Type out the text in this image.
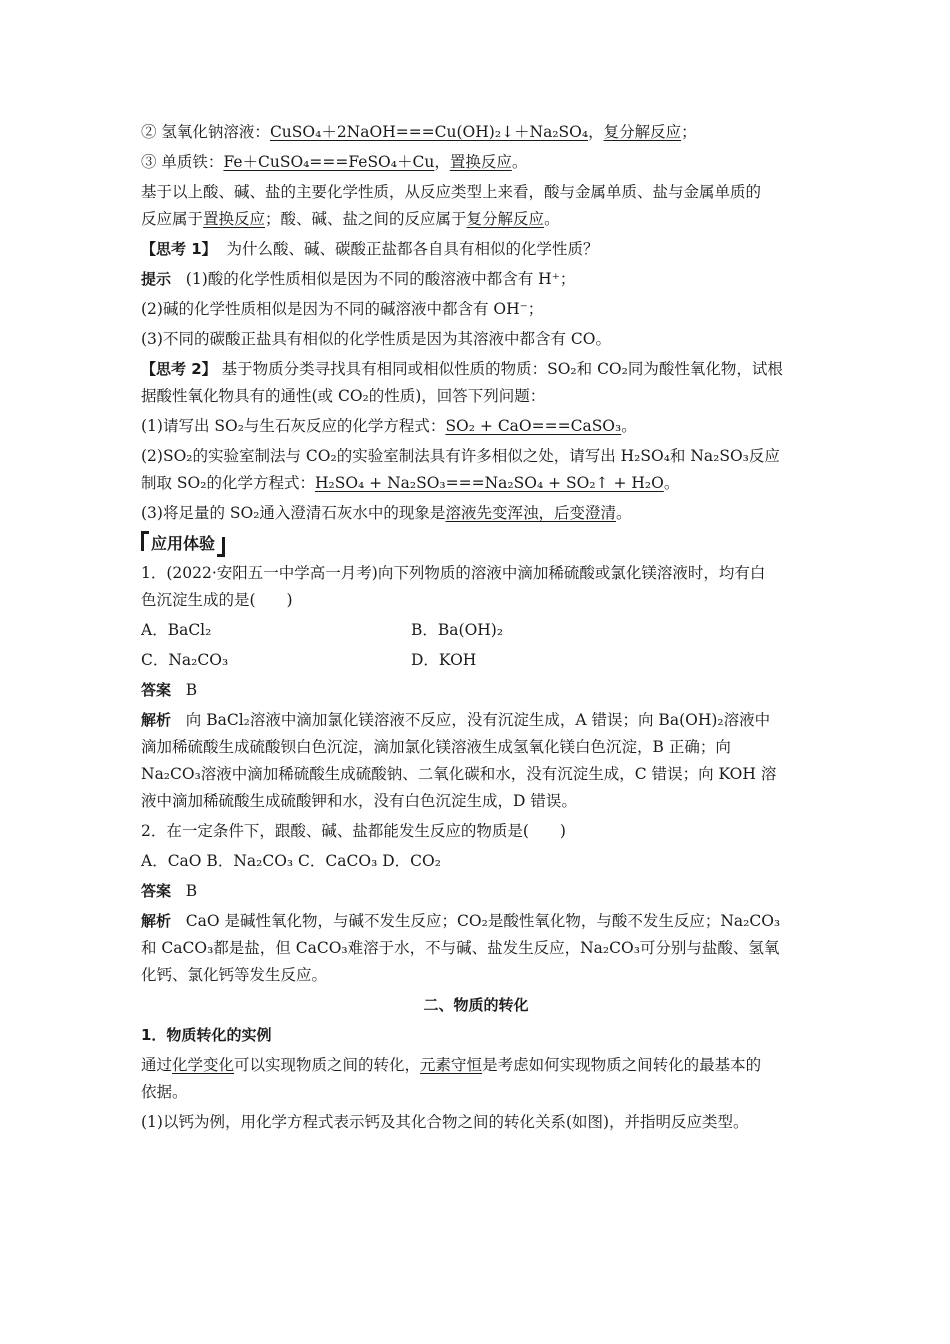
② 氢氧化钠溶液：CuSO₄＋2NaOH===Cu(OH)₂↓＋Na₂SO₄，复分解反应；
③ 单质铁：Fe＋CuSO₄===FeSO₄＋Cu，置换反应。
基于以上酸、碱、盐的主要化学性质，从反应类型上来看，酸与金属单质、盐与金属单质的
反应属于置换反应；酸、碱、盐之间的反应属于复分解反应。
【思考 1】 为什么酸、碱、碳酸正盐都各自具有相似的化学性质？
提示 (1)酸的化学性质相似是因为不同的酸溶液中都含有 H⁺；
(2)碱的化学性质相似是因为不同的碱溶液中都含有 OH⁻；
(3)不同的碳酸正盐具有相似的化学性质是因为其溶液中都含有 CO。
【思考 2】 基于物质分类寻找具有相同或相似性质的物质：SO₂和 CO₂同为酸性氧化物，试根
据酸性氧化物具有的通性(或 CO₂的性质)，回答下列问题：
(1)请写出 SO₂与生石灰反应的化学方程式：SO₂ + CaO===CaSO₃。
(2)SO₂的实验室制法与 CO₂的实验室制法具有许多相似之处，请写出 H₂SO₄和 Na₂SO₃反应
制取 SO₂的化学方程式：H₂SO₄ + Na₂SO₃===Na₂SO₄ + SO₂↑ + H₂O。
(3)将足量的 SO₂通入澄清石灰水中的现象是溶液先变浑浊，后变澄清。
应用体验
1．(2022·安阳五一中学高一月考)向下列物质的溶液中滴加稀硫酸或氯化镁溶液时，均有白
色沉淀生成的是(　　)
A．BaCl₂	B．Ba(OH)₂
C．Na₂CO₃	D．KOH
答案 B
解析 向 BaCl₂溶液中滴加氯化镁溶液不反应，没有沉淀生成，A 错误；向 Ba(OH)₂溶液中
滴加稀硫酸生成硫酸钡白色沉淀，滴加氯化镁溶液生成氢氧化镁白色沉淀，B 正确；向
Na₂CO₃溶液中滴加稀硫酸生成硫酸钠、二氧化碳和水，没有沉淀生成，C 错误；向 KOH 溶
液中滴加稀硫酸生成硫酸钾和水，没有白色沉淀生成，D 错误。
2．在一定条件下，跟酸、碱、盐都能发生反应的物质是(　　)
A．CaO B．Na₂CO₃ C．CaCO₃ D．CO₂
答案 B
解析 CaO 是碱性氧化物，与碱不发生反应；CO₂是酸性氧化物，与酸不发生反应；Na₂CO₃
和 CaCO₃都是盐，但 CaCO₃难溶于水，不与碱、盐发生反应，Na₂CO₃可分别与盐酸、氢氧
化钙、氯化钙等发生反应。
二、物质的转化
1．物质转化的实例
通过化学变化可以实现物质之间的转化，元素守恒是考虑如何实现物质之间转化的最基本的
依据。
(1)以钙为例，用化学方程式表示钙及其化合物之间的转化关系(如图)，并指明反应类型。
